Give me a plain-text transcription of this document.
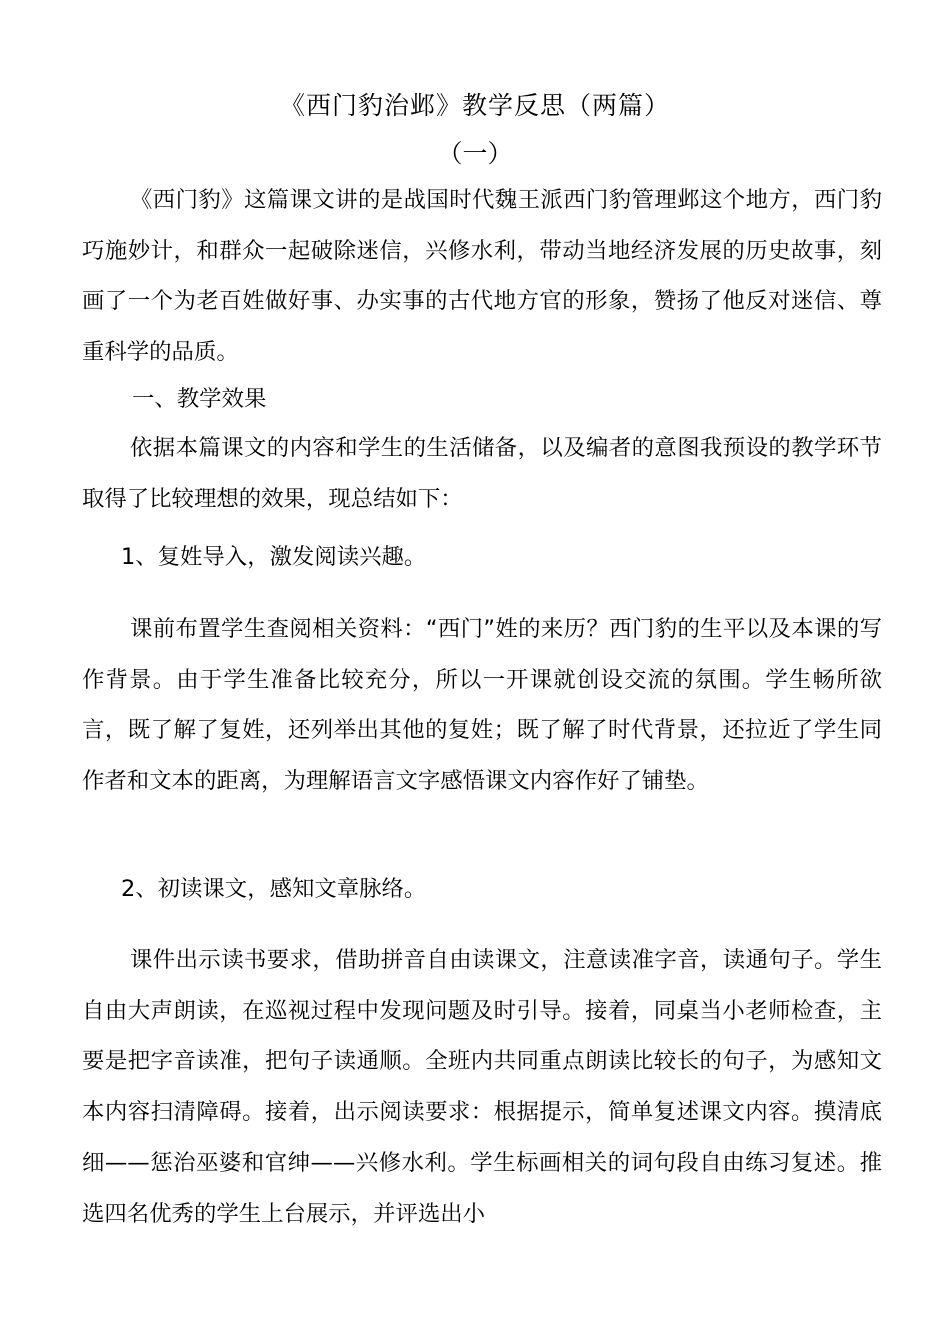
《西门豹治邺》教学反思（两篇）
（一）

《西门豹》这篇课文讲的是战国时代魏王派西门豹管理邺这个地方，西门豹巧施妙计，和群众一起破除迷信，兴修水利，带动当地经济发展的历史故事，刻画了一个为老百姓做好事、办实事的古代地方官的形象，赞扬了他反对迷信、尊重科学的品质。

一、教学效果

依据本篇课文的内容和学生的生活储备，以及编者的意图我预设的教学环节取得了比较理想的效果，现总结如下：

1、复姓导入，激发阅读兴趣。

课前布置学生查阅相关资料：“西门”姓的来历？西门豹的生平以及本课的写作背景。由于学生准备比较充分，所以一开课就创设交流的氛围。学生畅所欲言，既了解了复姓，还列举出其他的复姓；既了解了时代背景，还拉近了学生同作者和文本的距离，为理解语言文字感悟课文内容作好了铺垫。

2、初读课文，感知文章脉络。

课件出示读书要求，借助拼音自由读课文，注意读准字音，读通句子。学生自由大声朗读，在巡视过程中发现问题及时引导。接着，同桌当小老师检查，主要是把字音读准，把句子读通顺。全班内共同重点朗读比较长的句子，为感知文本内容扫清障碍。接着，出示阅读要求：根据提示，简单复述课文内容。摸清底细——惩治巫婆和官绅——兴修水利。学生标画相关的词句段自由练习复述。推选四名优秀的学生上台展示，并评选出小
